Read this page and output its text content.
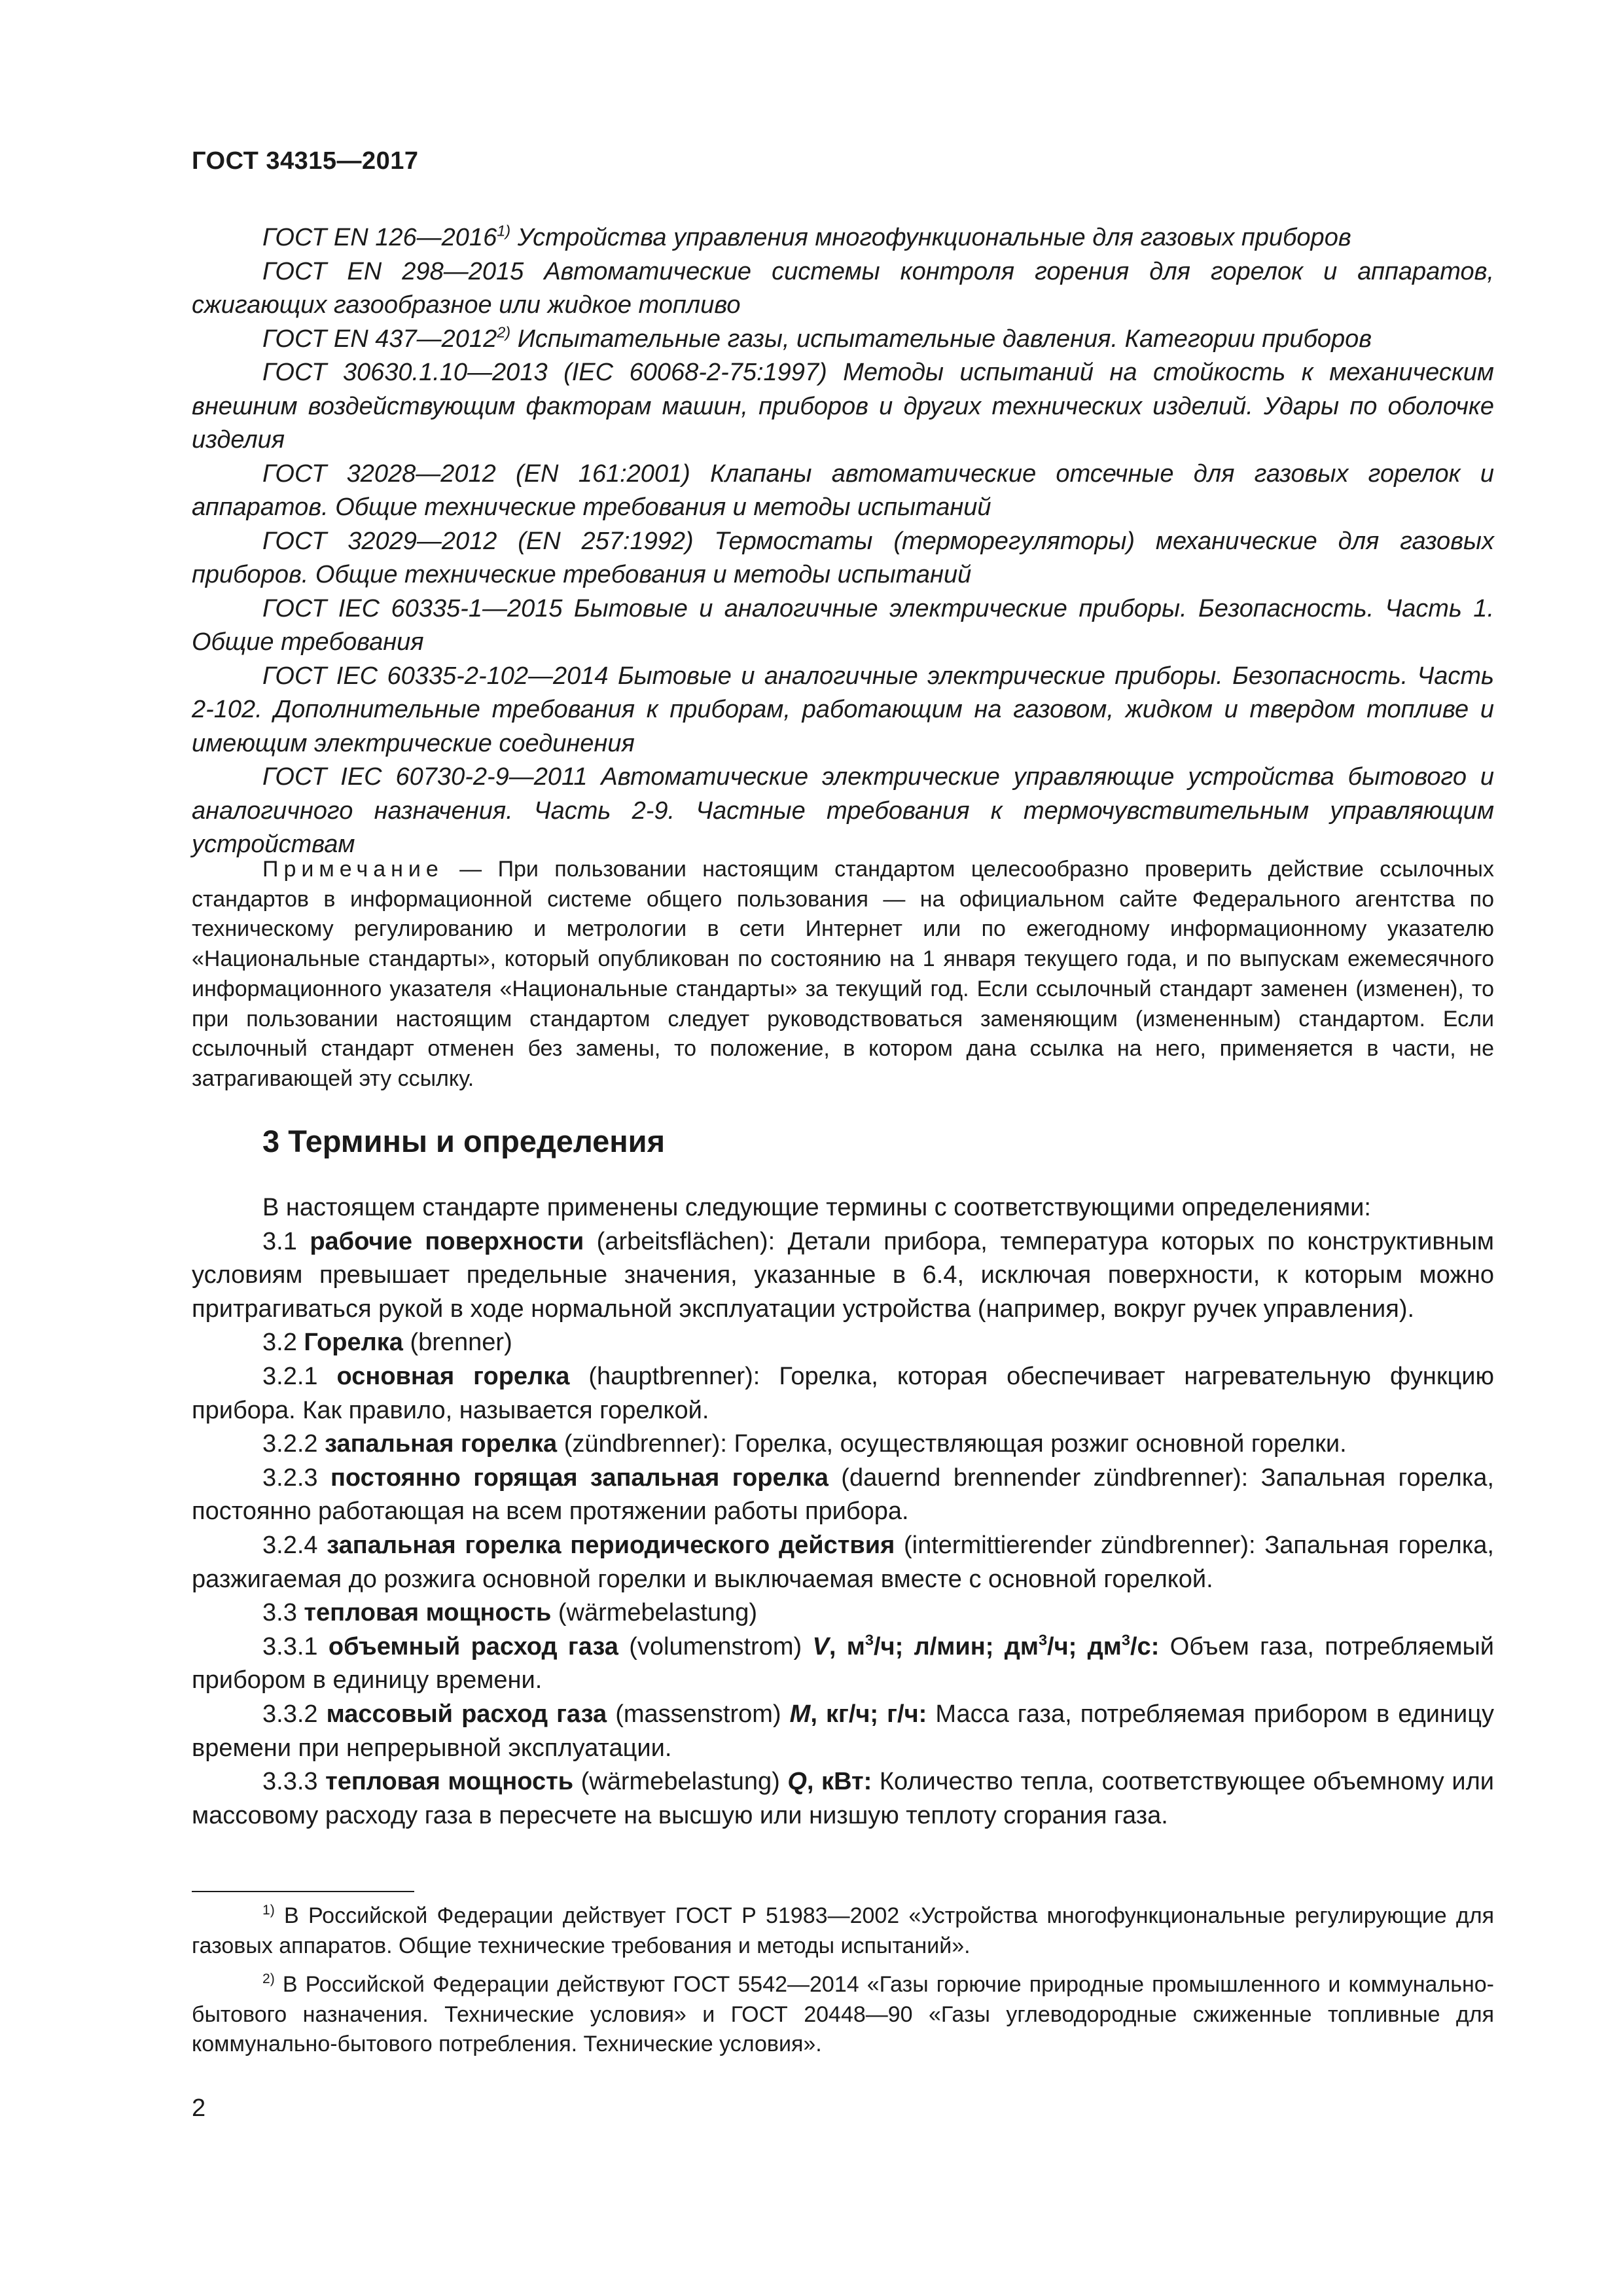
ГОСТ 34315—2017

ГОСТ EN 126—2016$^{1)}$ Устройства управления многофункциональные для газовых приборов

ГОСТ EN 298—2015 Автоматические системы контроля горения для горелок и аппаратов, сжигающих газообразное или жидкое топливо

ГОСТ EN 437—2012$^{2)}$ Испытательные газы, испытательные давления. Категории приборов

ГОСТ 30630.1.10—2013 (IEC 60068-2-75:1997) Методы испытаний на стойкость к механическим внешним воздействующим факторам машин, приборов и других технических изделий. Удары по оболочке изделия

ГОСТ 32028—2012 (EN 161:2001) Клапаны автоматические отсечные для газовых горелок и аппаратов. Общие технические требования и методы испытаний

ГОСТ 32029—2012 (EN 257:1992) Термостаты (терморегуляторы) механические для газовых приборов. Общие технические требования и методы испытаний

ГОСТ IEC 60335-1—2015 Бытовые и аналогичные электрические приборы. Безопасность. Часть 1. Общие требования

ГОСТ IEC 60335-2-102—2014 Бытовые и аналогичные электрические приборы. Безопасность. Часть 2-102. Дополнительные требования к приборам, работающим на газовом, жидком и твердом топливе и имеющим электрические соединения

ГОСТ IEC 60730-2-9—2011 Автоматические электрические управляющие устройства бытового и аналогичного назначения. Часть 2-9. Частные требования к термочувствительным управляющим устройствам

Примечание — При пользовании настоящим стандартом целесообразно проверить действие ссылочных стандартов в информационной системе общего пользования — на официальном сайте Федерального агентства по техническому регулированию и метрологии в сети Интернет или по ежегодному информационному указателю «Национальные стандарты», который опубликован по состоянию на 1 января текущего года, и по выпускам ежемесячного информационного указателя «Национальные стандарты» за текущий год. Если ссылочный стандарт заменен (изменен), то при пользовании настоящим стандартом следует руководствоваться заменяющим (измененным) стандартом. Если ссылочный стандарт отменен без замены, то положение, в котором дана ссылка на него, применяется в части, не затрагивающей эту ссылку.
3 Термины и определения

В настоящем стандарте применены следующие термины с соответствующими определениями:

3.1 рабочие поверхности (arbeitsflächen): Детали прибора, температура которых по конструктивным условиям превышает предельные значения, указанные в 6.4, исключая поверхности, к которым можно притрагиваться рукой в ходе нормальной эксплуатации устройства (например, вокруг ручек управления).

3.2 Горелка (brenner)

3.2.1 основная горелка (hauptbrenner): Горелка, которая обеспечивает нагревательную функцию прибора. Как правило, называется горелкой.

3.2.2 запальная горелка (zündbrenner): Горелка, осуществляющая розжиг основной горелки.

3.2.3 постоянно горящая запальная горелка (dauernd brennender zündbrenner): Запальная горелка, постоянно работающая на всем протяжении работы прибора.

3.2.4 запальная горелка периодического действия (intermittierender zündbrenner): Запальная горелка, разжигаемая до розжига основной горелки и выключаемая вместе с основной горелкой.

3.3 тепловая мощность (wärmebelastung)

3.3.1 объемный расход газа (volumenstrom) V, $м^3/ч$; л/мин; $дм^3/ч$; $дм^3/с$: Объем газа, потребляемый прибором в единицу времени.

3.3.2 массовый расход газа (massenstrom) M, кг/ч; г/ч: Масса газа, потребляемая прибором в единицу времени при непрерывной эксплуатации.

3.3.3 тепловая мощность (wärmebelastung) Q, кВт: Количество тепла, соответствующее объемному или массовому расходу газа в пересчете на высшую или низшую теплоту сгорания газа.

$^{1)}$ В Российской Федерации действует ГОСТ Р 51983—2002 «Устройства многофункциональные регулирующие для газовых аппаратов. Общие технические требования и методы испытаний».

$^{2)}$ В Российской Федерации действуют ГОСТ 5542—2014 «Газы горючие природные промышленного и коммунально-бытового назначения. Технические условия» и ГОСТ 20448—90 «Газы углеводородные сжиженные топливные для коммунально-бытового потребления. Технические условия».

2
